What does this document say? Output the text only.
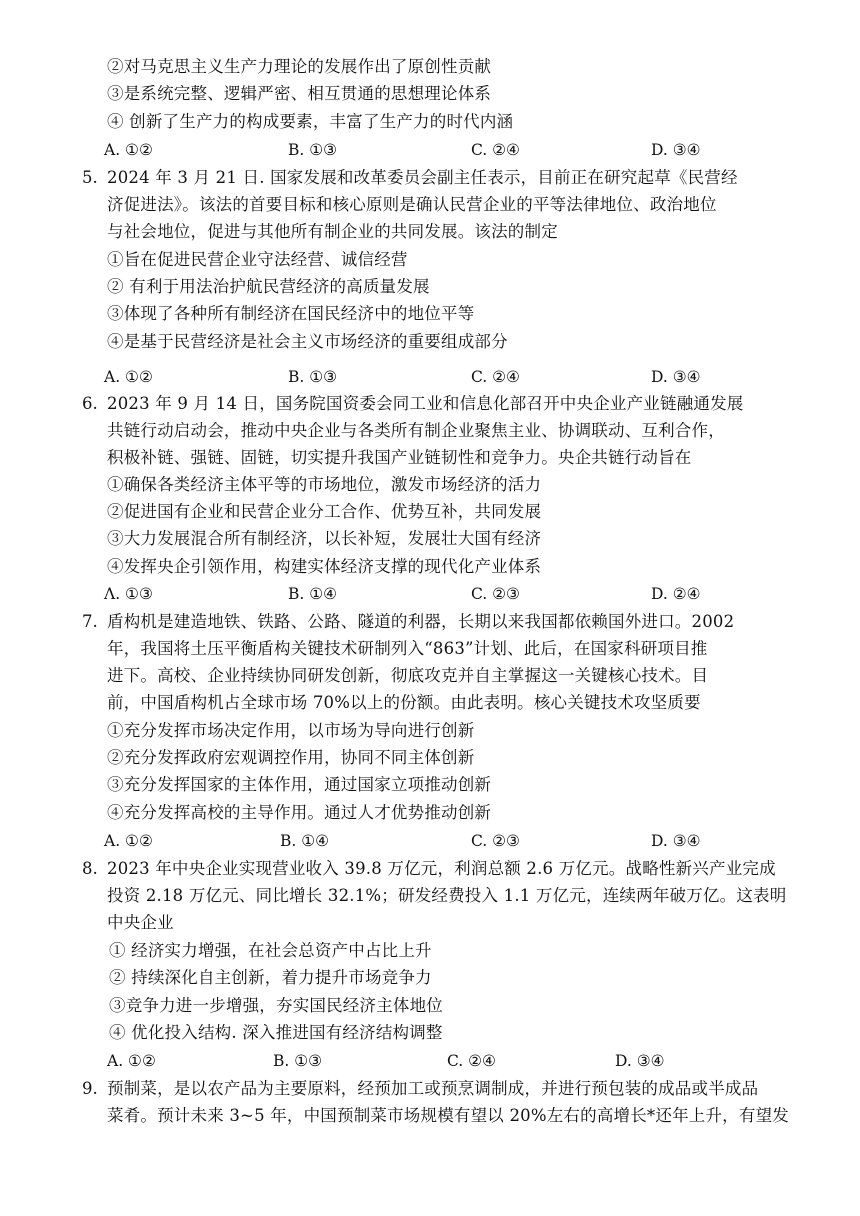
②对马克思主义生产力理论的发展作出了原创性贡献
③是系统完整、逻辑严密、相互贯通的思想理论体系
④ 创新了生产力的构成要素，丰富了生产力的时代内涵
A. ①②	B. ①③	C. ②④	D. ③④
5. 2024 年 3 月 21 日. 国家发展和改革委员会副主任表示，目前正在研究起草《民营经
济促进法》。该法的首要目标和核心原则是确认民营企业的平等法律地位、政治地位
与社会地位，促进与其他所有制企业的共同发展。该法的制定
①旨在促进民营企业守法经营、诚信经营
② 有利于用法治护航民营经济的高质量发展
③体现了各种所有制经济在国民经济中的地位平等
④是基于民营经济是社会主义市场经济的重要组成部分
A. ①②	B. ①③	C. ②④	D. ③④
6. 2023 年 9 月 14 日，国务院国资委会同工业和信息化部召开中央企业产业链融通发展
共链行动启动会，推动中央企业与各类所有制企业聚焦主业、协调联动、互利合作，
积极补链、强链、固链，切实提升我国产业链韧性和竞争力。央企共链行动旨在
①确保各类经济主体平等的市场地位，激发市场经济的活力
②促进国有企业和民营企业分工合作、优势互补，共同发展
③大力发展混合所有制经济，以长补短，发展壮大国有经济
④发挥央企引领作用，构建实体经济支撑的现代化产业体系
Λ. ①③	B. ①④	C. ②③	D. ②④
7. 盾构机是建造地铁、铁路、公路、隧道的利器，长期以来我国都依赖国外进口。2002
年，我国将土压平衡盾构关键技术研制列入“863”计划、此后，在国家科研项目推
进下。高校、企业持续协同研发创新，彻底攻克并自主掌握这一关键核心技术。目
前，中国盾构机占全球市场 70%以上的份额。由此表明。核心关键技术攻坚质要
①充分发挥市场决定作用，以市场为导向进行创新
②充分发挥政府宏观调控作用，协同不同主体创新
③充分发挥国家的主体作用，通过国家立项推动创新
④充分发挥高校的主导作用。通过人才优势推动创新
A. ①②	B. ①④	C. ②③	D. ③④
8. 2023 年中央企业实现营业收入 39.8 万亿元，利润总额 2.6 万亿元。战略性新兴产业完成
投资 2.18 万亿元、同比增长 32.1%；研发经费投入 1.1 万亿元，连续两年破万亿。这表明
中央企业
① 经济实力增强，在社会总资产中占比上升
② 持续深化自主创新，着力提升市场竞争力
③竞争力进一步增强，夯实国民经济主体地位
④ 优化投入结构. 深入推进国有经济结构调整
A. ①②	B. ①③	C. ②④	D. ③④
9. 预制菜，是以农产品为主要原料，经预加工或预烹调制成，并进行预包装的成品或半成品
菜肴。预计未来 3~5 年，中国预制菜市场规模有望以 20%左右的高增长*还年上升，有望发
